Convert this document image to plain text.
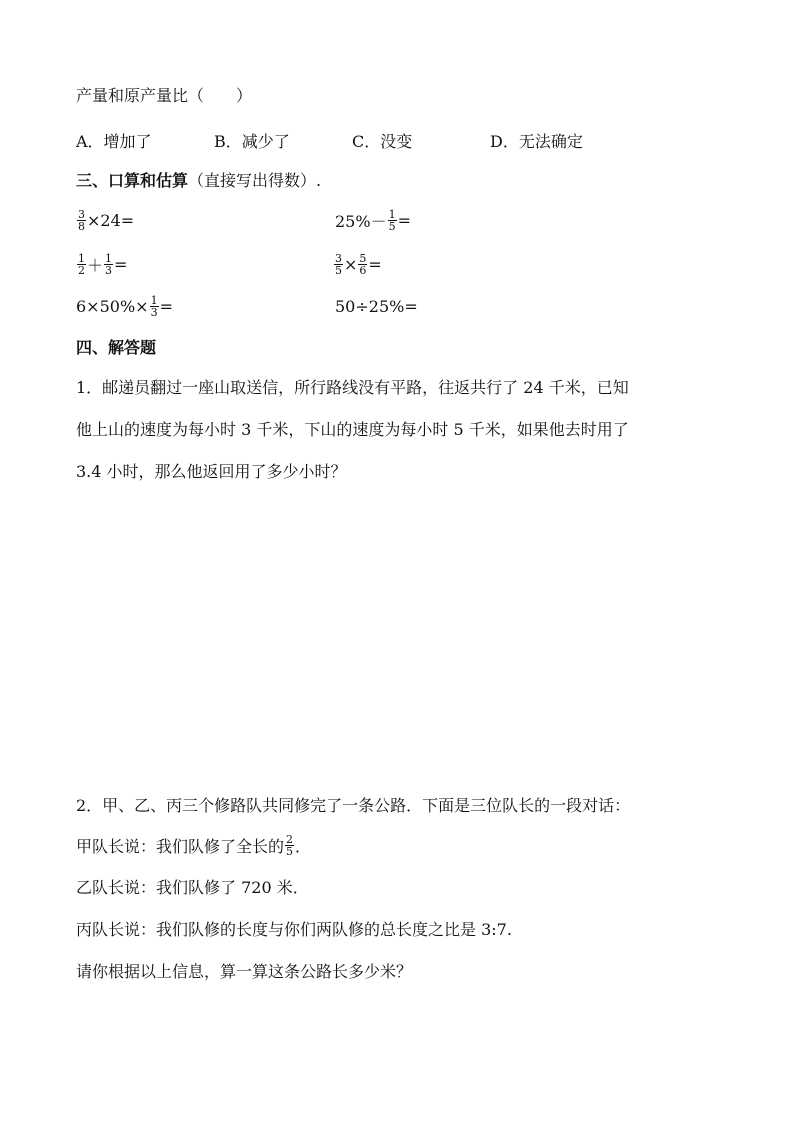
产量和原产量比（　　）
A．增加了	B．减少了	C．没变	D．无法确定
三、口算和估算（直接写出得数）.
$\frac{3}{8} \times 24=$	$25\%- \frac{1}{5}$ =
$\frac{1}{2} + \frac{1}{3}$ =	$\frac{3}{5} \times \frac{5}{6}$ =
$6\times 50\%\times \frac{1}{3}$ =	50÷25%=
四、解答题
1．邮递员翻过一座山取送信，所行路线没有平路，往返共行了 24 千米，已知
他上山的速度为每小时 3 千米，下山的速度为每小时 5 千米，如果他去时用了
3.4 小时，那么他返回用了多少小时？
2．甲、乙、丙三个修路队共同修完了一条公路．下面是三位队长的一段对话：
甲队长说：我们队修了全长的 $\frac{2}{5}$ ．
乙队长说：我们队修了 720 米．
丙队长说：我们队修的长度与你们两队修的总长度之比是 3:7.
请你根据以上信息，算一算这条公路长多少米？
